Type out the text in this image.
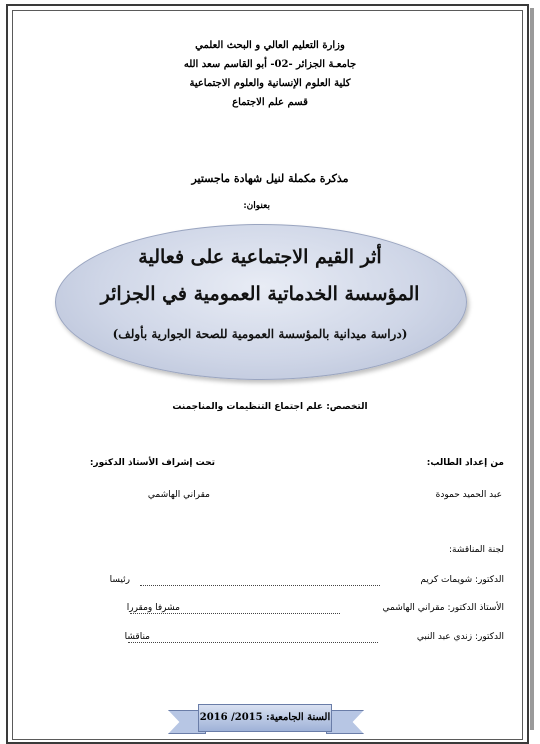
وزارة التعليم العالي و البحث العلمي
جامعـة الجزائر -02- أبو القاسم سعد الله
كلية العلوم الإنسانية والعلوم الاجتماعية
قسم علم الاجتماع
مذكرة مكملة لنيل شهادة ماجستير
بعنوان:
أثر القيم الاجتماعية على فعالية
المؤسسة الخدماتية العمومية في الجزائر
(دراسة ميدانية بالمؤسسة العمومية للصحة الجوارية بأولف)
التخصص: علم اجتماع التنظيمات والمناجمنت
من إعداد الطالب:
تحت إشراف الأستاذ الدكتور:
عبد الحميد حمودة
مقراني الهاشمي
لجنة المناقشة:
الدكتور: شويمات كريم
رئيسا
الأستاذ الدكتور: مقراني الهاشمي
مشرفا ومقررا
الدكتور: زندي عبد النبي
مناقشا
السنة الجامعية: 2015/ 2016
